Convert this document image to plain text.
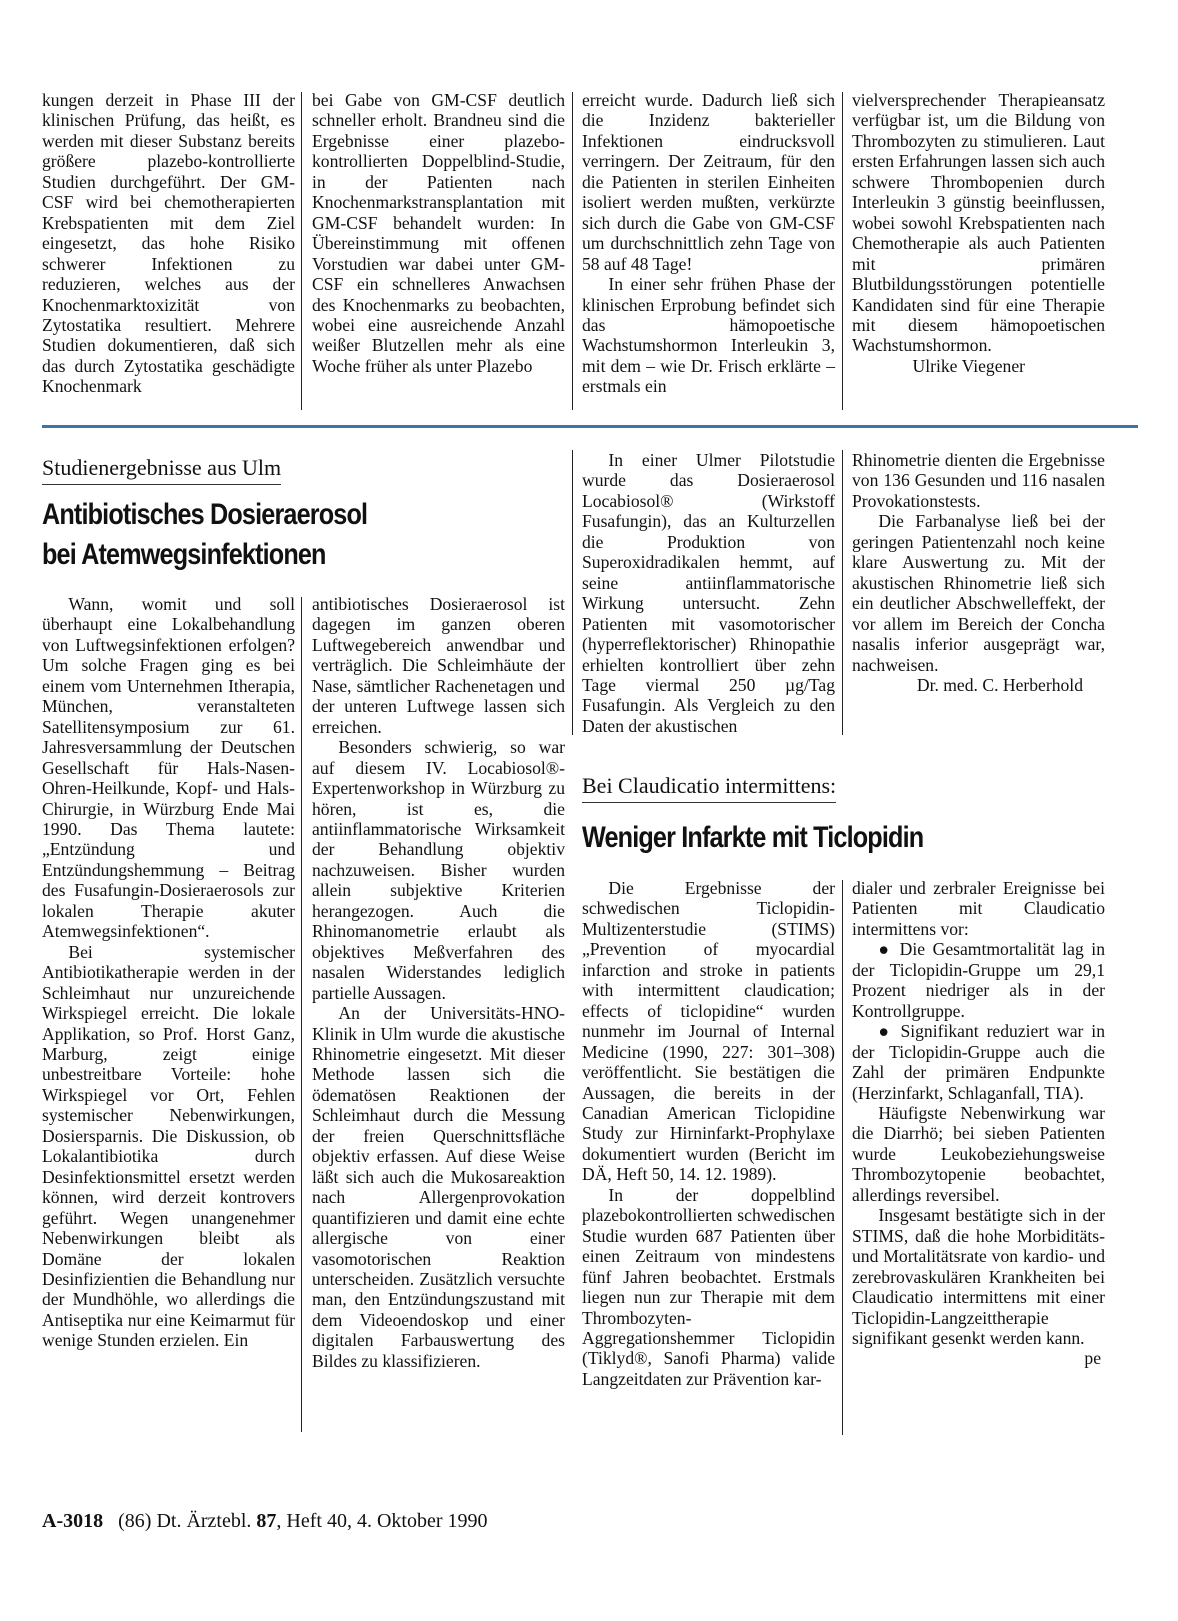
kungen derzeit in Phase III der klinischen Prüfung, das heißt, es werden mit dieser Substanz bereits größere plazebo-kontrollierte Studien durchgeführt. Der GM-CSF wird bei chemotherapierten Krebspatienten mit dem Ziel eingesetzt, das hohe Risiko schwerer Infektionen zu reduzieren, welches aus der Knochenmarktoxizität von Zytostatika resultiert. Mehrere Studien dokumentieren, daß sich das durch Zytostatika geschädigte Knochenmark

bei Gabe von GM-CSF deutlich schneller erholt. Brandneu sind die Ergebnisse einer plazebo-kontrollierten Doppelblind-Studie, in der Patienten nach Knochenmarkstransplantation mit GM-CSF behandelt wurden: In Übereinstimmung mit offenen Vorstudien war dabei unter GM-CSF ein schnelleres Anwachsen des Knochenmarks zu beobachten, wobei eine ausreichende Anzahl weißer Blutzellen mehr als eine Woche früher als unter Plazebo

erreicht wurde. Dadurch ließ sich die Inzidenz bakterieller Infektionen eindrucksvoll verringern. Der Zeitraum, für den die Patienten in sterilen Einheiten isoliert werden mußten, verkürzte sich durch die Gabe von GM-CSF um durchschnittlich zehn Tage von 58 auf 48 Tage!

In einer sehr frühen Phase der klinischen Erprobung befindet sich das hämopoetische Wachstumshormon Interleukin 3, mit dem – wie Dr. Frisch erklärte – erstmals ein

vielversprechender Therapieansatz verfügbar ist, um die Bildung von Thrombozyten zu stimulieren. Laut ersten Erfahrungen lassen sich auch schwere Thrombopenien durch Interleukin 3 günstig beeinflussen, wobei sowohl Krebspatienten nach Chemotherapie als auch Patienten mit primären Blutbildungsstörungen potentielle Kandidaten sind für eine Therapie mit diesem hämopoetischen Wachstumshormon.

Ulrike Viegener

Studienergebnisse aus Ulm
Antibiotisches Dosieraerosol
bei Atemwegsinfektionen

Wann, womit und soll überhaupt eine Lokalbehandlung von Luftwegsinfektionen erfolgen? Um solche Fragen ging es bei einem vom Unternehmen Itherapia, München, veranstalteten Satellitensymposium zur 61. Jahresversammlung der Deutschen Gesellschaft für Hals-Nasen-Ohren-Heilkunde, Kopf- und Hals-Chirurgie, in Würzburg Ende Mai 1990. Das Thema lautete: „Entzündung und Entzündungshemmung – Beitrag des Fusafungin-Dosieraerosols zur lokalen Therapie akuter Atemwegsinfektionen“.

Bei systemischer Antibiotikatherapie werden in der Schleimhaut nur unzureichende Wirkspiegel erreicht. Die lokale Applikation, so Prof. Horst Ganz, Marburg, zeigt einige unbestreitbare Vorteile: hohe Wirkspiegel vor Ort, Fehlen systemischer Nebenwirkungen, Dosiersparnis. Die Diskussion, ob Lokalantibiotika durch Desinfektionsmittel ersetzt werden können, wird derzeit kontrovers geführt. Wegen unangenehmer Nebenwirkungen bleibt als Domäne der lokalen Desinfizientien die Behandlung nur der Mundhöhle, wo allerdings die Antiseptika nur eine Keimarmut für wenige Stunden erzielen. Ein

antibiotisches Dosieraerosol ist dagegen im ganzen oberen Luftwegebereich anwendbar und verträglich. Die Schleimhäute der Nase, sämtlicher Rachenetagen und der unteren Luftwege lassen sich erreichen.

Besonders schwierig, so war auf diesem IV. Locabiosol®-Expertenworkshop in Würzburg zu hören, ist es, die antiinflammatorische Wirksamkeit der Behandlung objektiv nachzuweisen. Bisher wurden allein subjektive Kriterien herangezogen. Auch die Rhinomanometrie erlaubt als objektives Meßverfahren des nasalen Widerstandes lediglich partielle Aussagen.

An der Universitäts-HNO-Klinik in Ulm wurde die akustische Rhinometrie eingesetzt. Mit dieser Methode lassen sich die ödematösen Reaktionen der Schleimhaut durch die Messung der freien Querschnittsfläche objektiv erfassen. Auf diese Weise läßt sich auch die Mukosareaktion nach Allergenprovokation quantifizieren und damit eine echte allergische von einer vasomotorischen Reaktion unterscheiden. Zusätzlich versuchte man, den Entzündungszustand mit dem Videoendoskop und einer digitalen Farbauswertung des Bildes zu klassifizieren.

In einer Ulmer Pilotstudie wurde das Dosieraerosol Locabiosol® (Wirkstoff Fusafungin), das an Kulturzellen die Produktion von Superoxidradikalen hemmt, auf seine antiinflammatorische Wirkung untersucht. Zehn Patienten mit vasomotorischer (hyperreflektorischer) Rhinopathie erhielten kontrolliert über zehn Tage viermal 250 µg/Tag Fusafungin. Als Vergleich zu den Daten der akustischen

Rhinometrie dienten die Ergebnisse von 136 Gesunden und 116 nasalen Provokationstests.

Die Farbanalyse ließ bei der geringen Patientenzahl noch keine klare Auswertung zu. Mit der akustischen Rhinometrie ließ sich ein deutlicher Abschwelleffekt, der vor allem im Bereich der Concha nasalis inferior ausgeprägt war, nachweisen.

Dr. med. C. Herberhold

Bei Claudicatio intermittens:
Weniger Infarkte mit Ticlopidin

Die Ergebnisse der schwedischen Ticlopidin-Multizenterstudie (STIMS) „Prevention of myocardial infarction and stroke in patients with intermittent claudication; effects of ticlopidine“ wurden nunmehr im Journal of Internal Medicine (1990, 227: 301–308) veröffentlicht. Sie bestätigen die Aussagen, die bereits in der Canadian American Ticlopidine Study zur Hirninfarkt-Prophylaxe dokumentiert wurden (Bericht im DÄ, Heft 50, 14. 12. 1989).

In der doppelblind plazebokontrollierten schwedischen Studie wurden 687 Patienten über einen Zeitraum von mindestens fünf Jahren beobachtet. Erstmals liegen nun zur Therapie mit dem Thrombozyten-Aggregationshemmer Ticlopidin (Tiklyd®, Sanofi Pharma) valide Langzeitdaten zur Prävention kar-

dialer und zerbraler Ereignisse bei Patienten mit Claudicatio intermittens vor:

● Die Gesamtmortalität lag in der Ticlopidin-Gruppe um 29,1 Prozent niedriger als in der Kontrollgruppe.

● Signifikant reduziert war in der Ticlopidin-Gruppe auch die Zahl der primären Endpunkte (Herzinfarkt, Schlaganfall, TIA).

Häufigste Nebenwirkung war die Diarrhö; bei sieben Patienten wurde Leukobeziehungsweise Thrombozytopenie beobachtet, allerdings reversibel.

Insgesamt bestätigte sich in der STIMS, daß die hohe Morbiditäts- und Mortalitätsrate von kardio- und zerebrovaskulären Krankheiten bei Claudicatio intermittens mit einer Ticlopidin-Langzeittherapie signifikant gesenkt werden kann.

pe

A-3018 (86) Dt. Ärztebl. 87, Heft 40, 4. Oktober 1990
